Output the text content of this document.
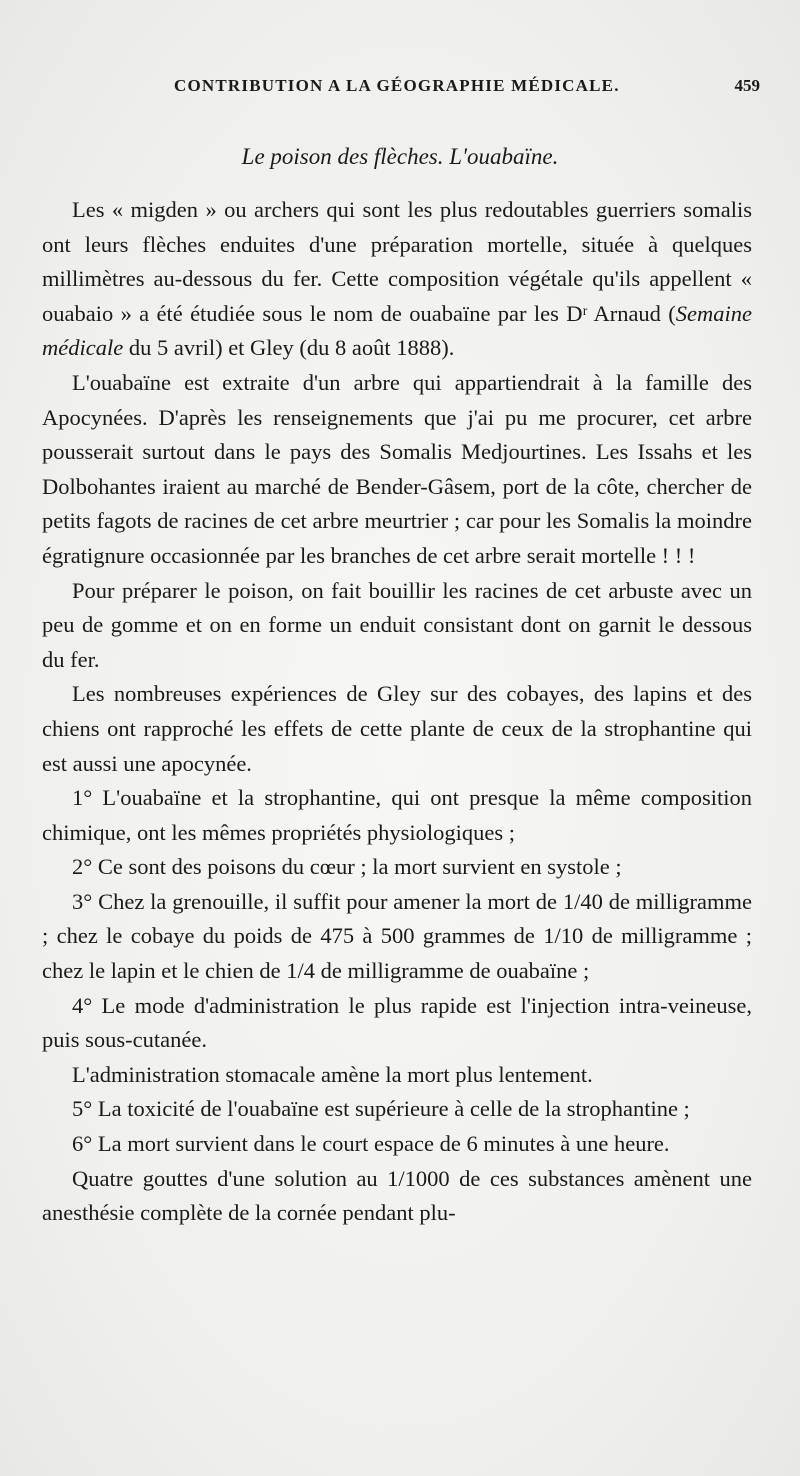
CONTRIBUTION A LA GÉOGRAPHIE MÉDICALE.	459
Le poison des flèches. L'ouabaïne.

Les « migden » ou archers qui sont les plus redoutables guerriers somalis ont leurs flèches enduites d'une préparation mortelle, située à quelques millimètres au-dessous du fer. Cette composition végétale qu'ils appellent « ouabaio » a été étudiée sous le nom de ouabaïne par les Dʳ Arnaud (Semaine médicale du 5 avril) et Gley (du 8 août 1888).

L'ouabaïne est extraite d'un arbre qui appartiendrait à la famille des Apocynées. D'après les renseignements que j'ai pu me procurer, cet arbre pousserait surtout dans le pays des Somalis Medjourtines. Les Issahs et les Dolbohantes iraient au marché de Bender-Gâsem, port de la côte, chercher de petits fagots de racines de cet arbre meurtrier ; car pour les Somalis la moindre égratignure occasionnée par les branches de cet arbre serait mortelle ! ! !

Pour préparer le poison, on fait bouillir les racines de cet arbuste avec un peu de gomme et on en forme un enduit consistant dont on garnit le dessous du fer.

Les nombreuses expériences de Gley sur des cobayes, des lapins et des chiens ont rapproché les effets de cette plante de ceux de la strophantine qui est aussi une apocynée.

1° L'ouabaïne et la strophantine, qui ont presque la même composition chimique, ont les mêmes propriétés physiologiques ;

2° Ce sont des poisons du cœur ; la mort survient en systole ;

3° Chez la grenouille, il suffit pour amener la mort de 1/40 de milligramme ; chez le cobaye du poids de 475 à 500 grammes de 1/10 de milligramme ; chez le lapin et le chien de 1/4 de milligramme de ouabaïne ;

4° Le mode d'administration le plus rapide est l'injection intra-veineuse, puis sous-cutanée.

L'administration stomacale amène la mort plus lentement.

5° La toxicité de l'ouabaïne est supérieure à celle de la strophantine ;

6° La mort survient dans le court espace de 6 minutes à une heure.

Quatre gouttes d'une solution au 1/1000 de ces substances amènent une anesthésie complète de la cornée pendant plu-
